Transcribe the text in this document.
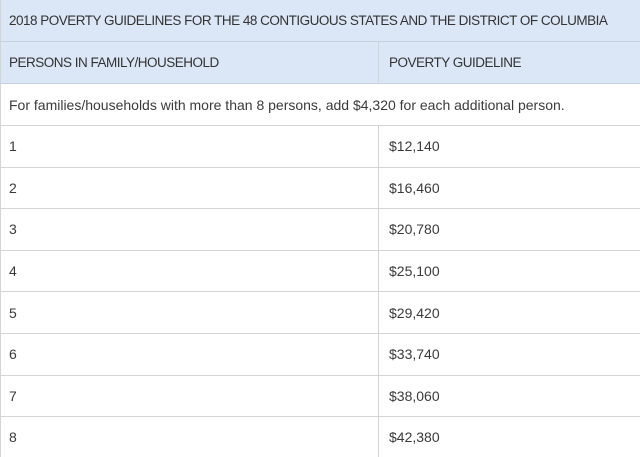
2018 POVERTY GUIDELINES FOR THE 48 CONTIGUOUS STATES AND THE DISTRICT OF COLUMBIA
PERSONS IN FAMILY/HOUSEHOLD	POVERTY GUIDELINE
For families/households with more than 8 persons, add $4,320 for each additional person.
1	$12,140
2	$16,460
3	$20,780
4	$25,100
5	$29,420
6	$33,740
7	$38,060
8	$42,380
